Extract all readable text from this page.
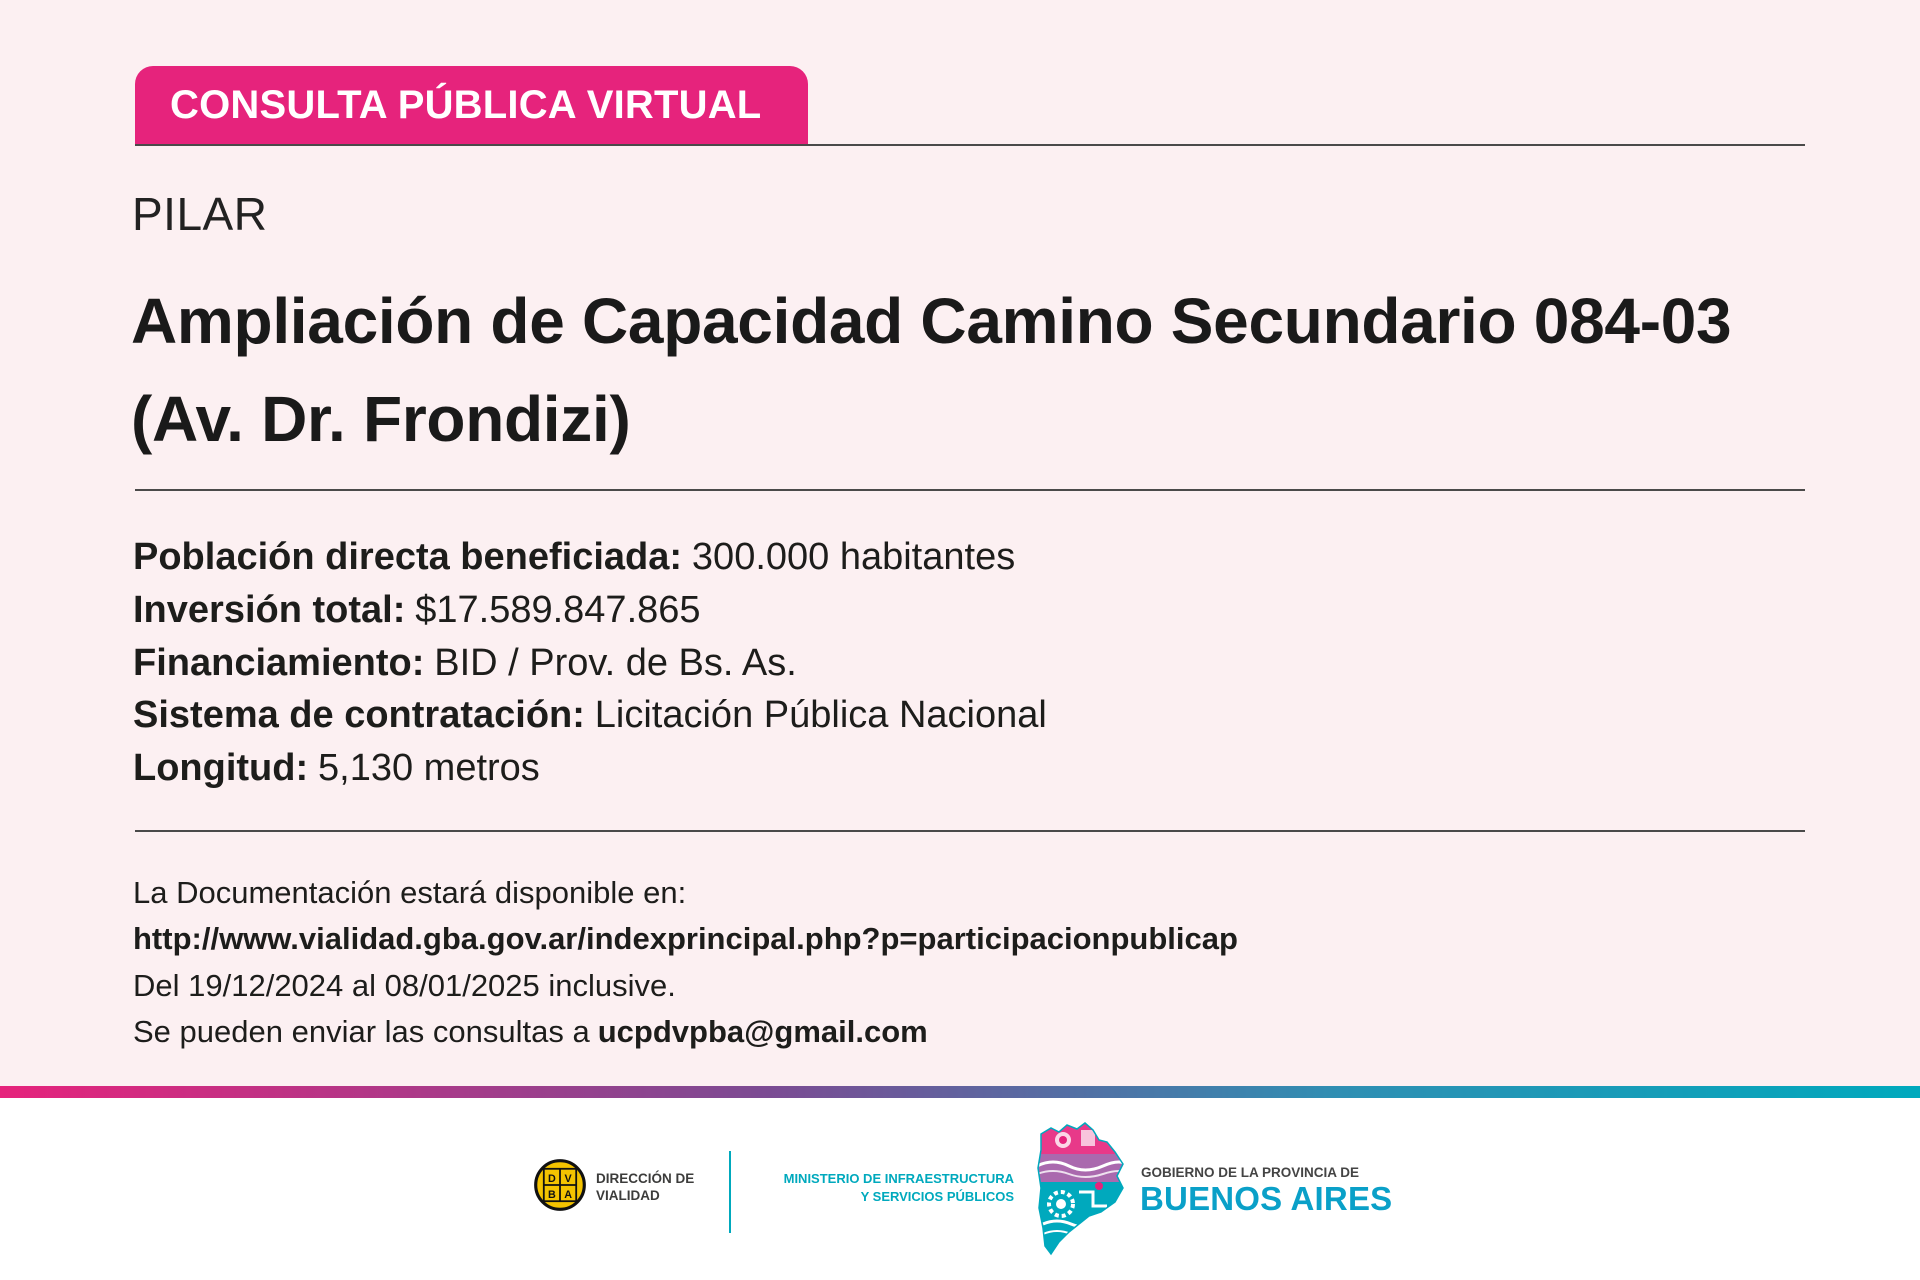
CONSULTA PÚBLICA VIRTUAL
PILAR
Ampliación de Capacidad Camino Secundario 084-03 (Av. Dr. Frondizi)
Población directa beneficiada: 300.000 habitantes
Inversión total: $17.589.847.865
Financiamiento: BID / Prov. de Bs. As.
Sistema de contratación: Licitación Pública Nacional
Longitud: 5,130 metros
La Documentación estará disponible en:
http://www.vialidad.gba.gov.ar/indexprincipal.php?p=participacionpublicap
Del 19/12/2024 al 08/01/2025 inclusive.
Se pueden enviar las consultas a ucpdvpba@gmail.com
D V
B A
DIRECCIÓN DE
VIALIDAD
MINISTERIO DE INFRAESTRUCTURA
Y SERVICIOS PÚBLICOS
GOBIERNO DE LA PROVINCIA DE
BUENOS AIRES
